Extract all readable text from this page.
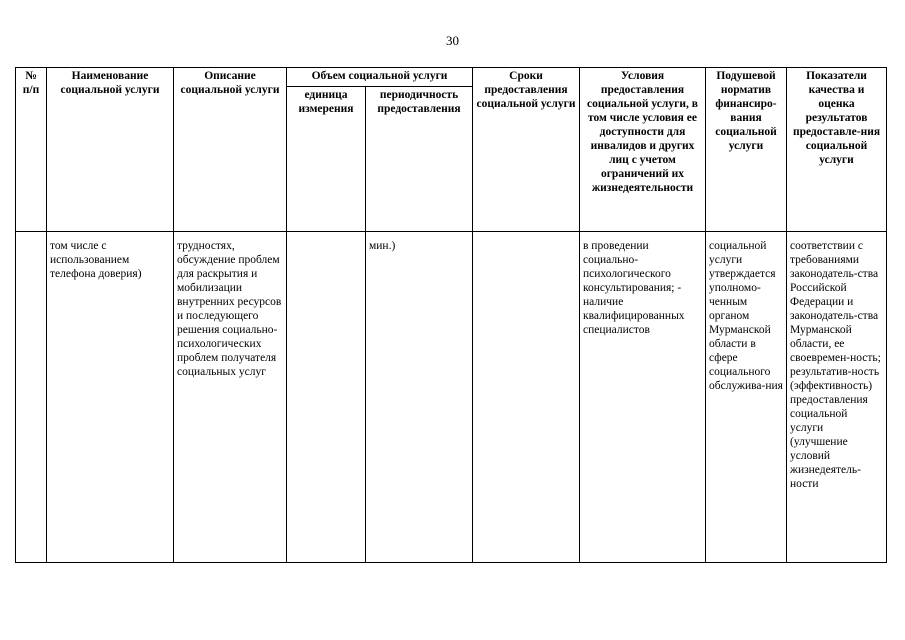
30
№ п/п	Наименование социальной услуги	Описание социальной услуги	Объем социальной услуги		Сроки предоставления социальной услуги	Условия предоставления социальной услуги, в том числе условия ее доступности для инвалидов и других лиц с учетом ограничений их жизнедеятельности	Подушевой норматив финансиро-вания социальной услуги	Показатели качества и оценка результатов предоставле-ния социальной услуги
			единица измерения	периодичность предоставления				
	том числе с использованием телефона доверия)	трудностях, обсуждение проблем для раскрытия и мобилизации внутренних ресурсов и последующего решения социально-психологических проблем получателя социальных услуг		мин.)		в проведении социально-психологического консультирования; - наличие квалифицированных специалистов	социальной услуги утверждается уполномо-ченным органом Мурманской области в сфере социального обслужива-ния	соответствии с требованиями законодатель-ства Российской Федерации и законодатель-ства Мурманской области, ее своевремен-ность; результатив-ность (эффективность) предоставления социальной услуги (улучшение условий жизнедеятель-ности
